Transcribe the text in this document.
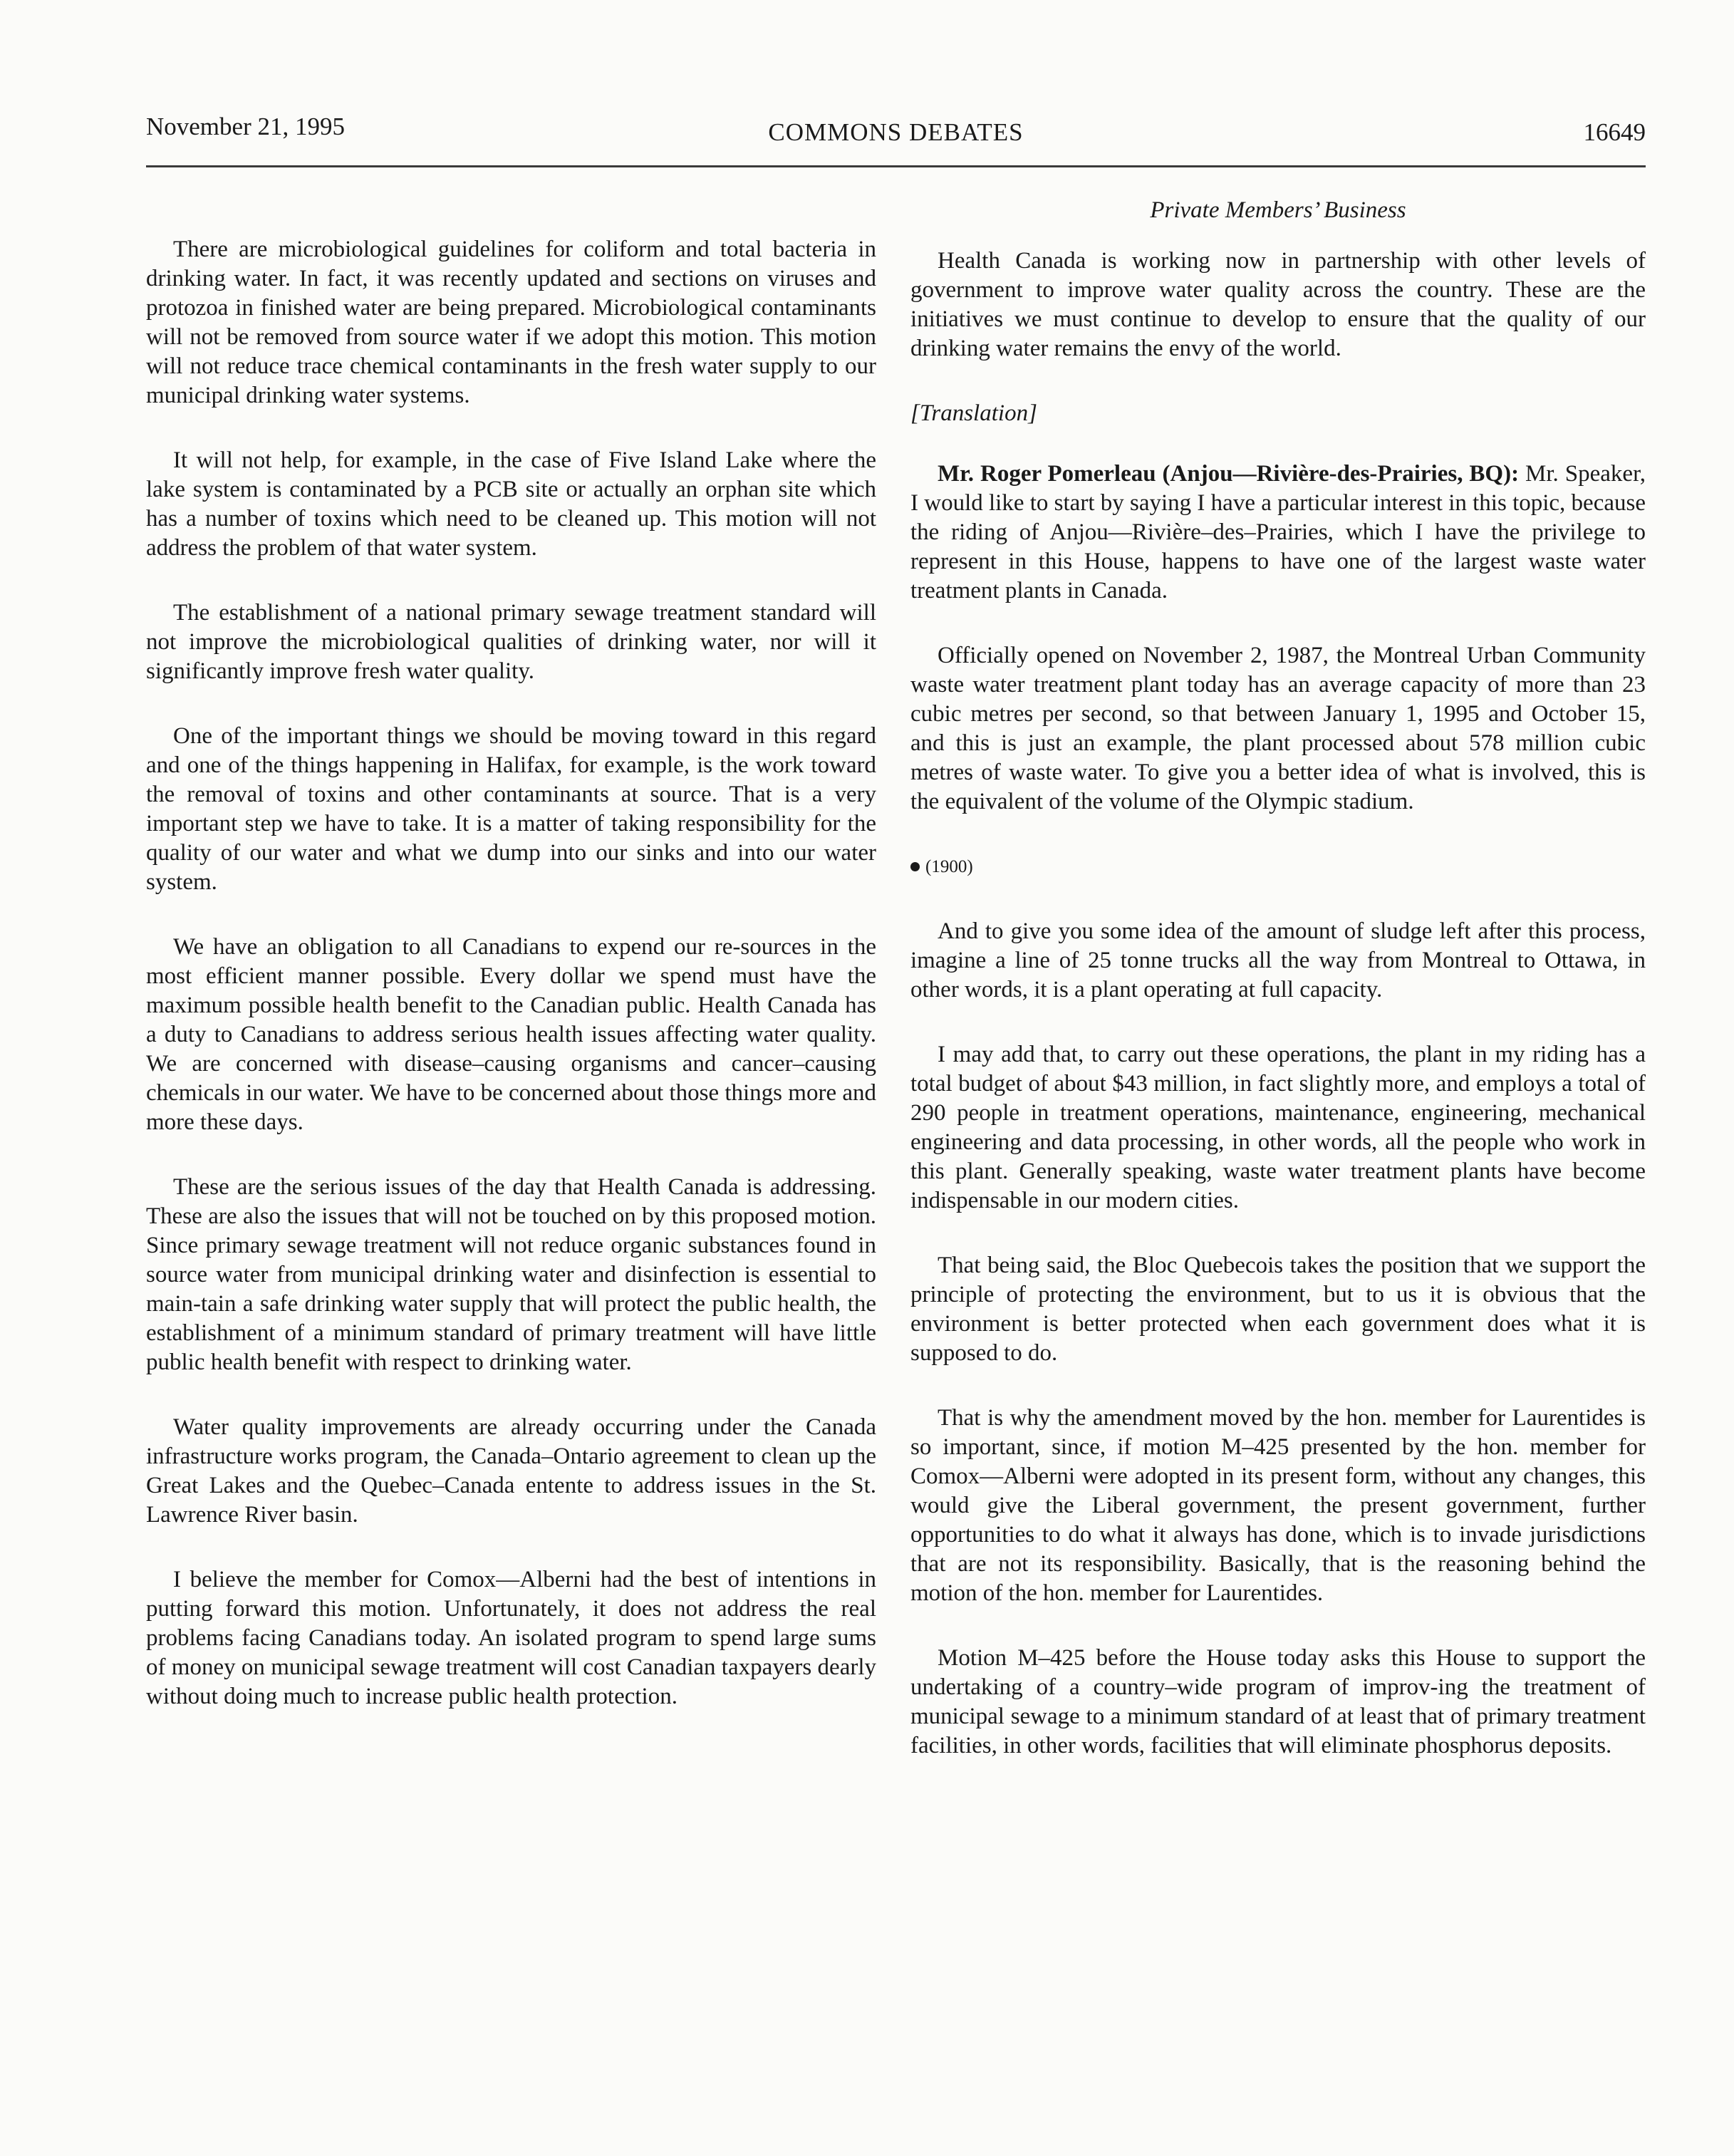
November 21, 1995	COMMONS DEBATES	16649

There are microbiological guidelines for coliform and total bacteria in drinking water. In fact, it was recently updated and sections on viruses and protozoa in finished water are being prepared. Microbiological contaminants will not be removed from source water if we adopt this motion. This motion will not reduce trace chemical contaminants in the fresh water supply to our municipal drinking water systems.

It will not help, for example, in the case of Five Island Lake where the lake system is contaminated by a PCB site or actually an orphan site which has a number of toxins which need to be cleaned up. This motion will not address the problem of that water system.

The establishment of a national primary sewage treatment standard will not improve the microbiological qualities of drinking water, nor will it significantly improve fresh water quality.

One of the important things we should be moving toward in this regard and one of the things happening in Halifax, for example, is the work toward the removal of toxins and other contaminants at source. That is a very important step we have to take. It is a matter of taking responsibility for the quality of our water and what we dump into our sinks and into our water system.

We have an obligation to all Canadians to expend our re-sources in the most efficient manner possible. Every dollar we spend must have the maximum possible health benefit to the Canadian public. Health Canada has a duty to Canadians to address serious health issues affecting water quality. We are concerned with disease–causing organisms and cancer–causing chemicals in our water. We have to be concerned about those things more and more these days.

These are the serious issues of the day that Health Canada is addressing. These are also the issues that will not be touched on by this proposed motion. Since primary sewage treatment will not reduce organic substances found in source water from municipal drinking water and disinfection is essential to main-tain a safe drinking water supply that will protect the public health, the establishment of a minimum standard of primary treatment will have little public health benefit with respect to drinking water.

Water quality improvements are already occurring under the Canada infrastructure works program, the Canada–Ontario agreement to clean up the Great Lakes and the Quebec–Canada entente to address issues in the St. Lawrence River basin.

I believe the member for Comox—Alberni had the best of intentions in putting forward this motion. Unfortunately, it does not address the real problems facing Canadians today. An isolated program to spend large sums of money on municipal sewage treatment will cost Canadian taxpayers dearly without doing much to increase public health protection.

Private Members’ Business

Health Canada is working now in partnership with other levels of government to improve water quality across the country. These are the initiatives we must continue to develop to ensure that the quality of our drinking water remains the envy of the world.

[Translation]

Mr. Roger Pomerleau (Anjou—Rivière-des-Prairies, BQ): Mr. Speaker, I would like to start by saying I have a particular interest in this topic, because the riding of Anjou—Rivière–des–Prairies, which I have the privilege to represent in this House, happens to have one of the largest waste water treatment plants in Canada.

Officially opened on November 2, 1987, the Montreal Urban Community waste water treatment plant today has an average capacity of more than 23 cubic metres per second, so that between January 1, 1995 and October 15, and this is just an example, the plant processed about 578 million cubic metres of waste water. To give you a better idea of what is involved, this is the equivalent of the volume of the Olympic stadium.

(1900)

And to give you some idea of the amount of sludge left after this process, imagine a line of 25 tonne trucks all the way from Montreal to Ottawa, in other words, it is a plant operating at full capacity.

I may add that, to carry out these operations, the plant in my riding has a total budget of about $43 million, in fact slightly more, and employs a total of 290 people in treatment operations, maintenance, engineering, mechanical engineering and data processing, in other words, all the people who work in this plant. Generally speaking, waste water treatment plants have become indispensable in our modern cities.

That being said, the Bloc Quebecois takes the position that we support the principle of protecting the environment, but to us it is obvious that the environment is better protected when each government does what it is supposed to do.

That is why the amendment moved by the hon. member for Laurentides is so important, since, if motion M–425 presented by the hon. member for Comox—Alberni were adopted in its present form, without any changes, this would give the Liberal government, the present government, further opportunities to do what it always has done, which is to invade jurisdictions that are not its responsibility. Basically, that is the reasoning behind the motion of the hon. member for Laurentides.

Motion M–425 before the House today asks this House to support the undertaking of a country–wide program of improv-ing the treatment of municipal sewage to a minimum standard of at least that of primary treatment facilities, in other words, facilities that will eliminate phosphorus deposits.
